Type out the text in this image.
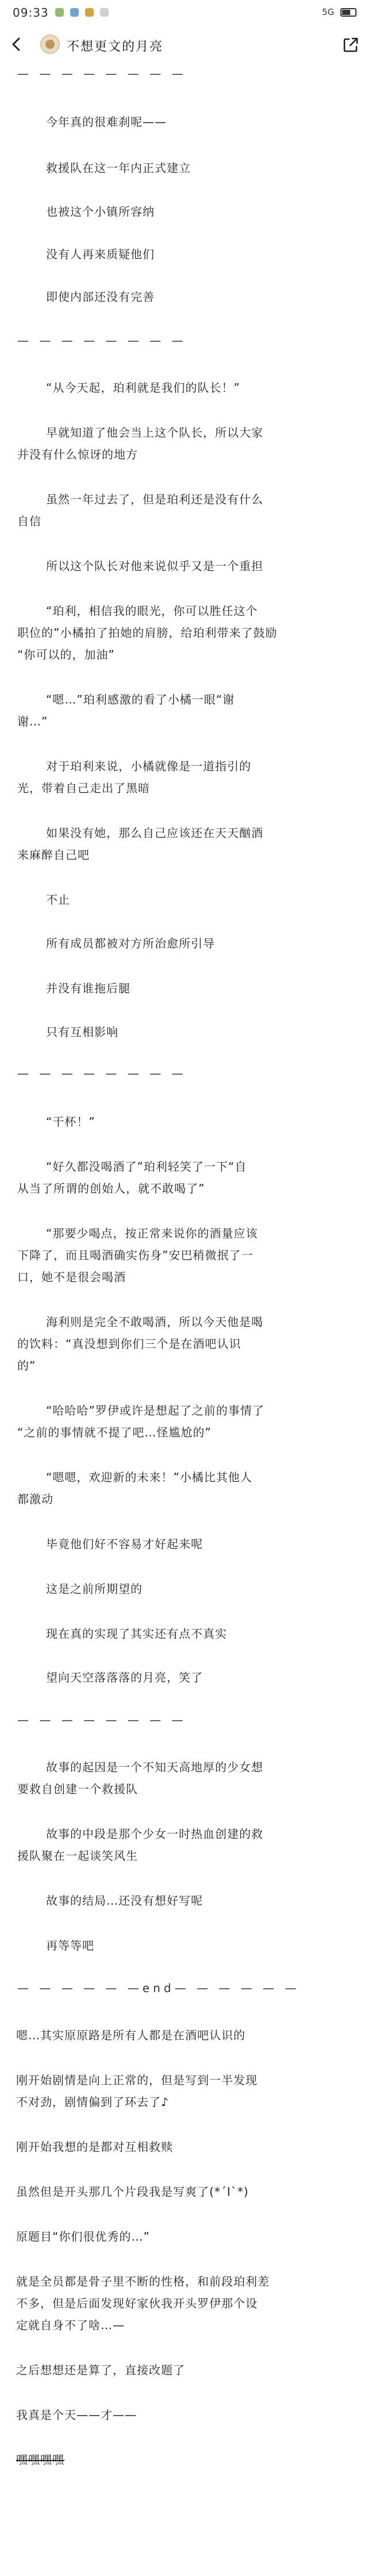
09:33
	5G
不想更文的月亮
— — — — — — — —
今年真的很难刹呢——
救援队在这一年内正式建立
也被这个小镇所容纳
没有人再来质疑他们
即使内部还没有完善
— — — — — — — —
“从今天起，珀利就是我们的队长！”
早就知道了他会当上这个队长，所以大家
并没有什么惊讶的地方
虽然一年过去了，但是珀利还是没有什么
自信
所以这个队长对他来说似乎又是一个重担
“珀利，相信我的眼光，你可以胜任这个
职位的”小橘拍了拍她的肩膀，给珀利带来了鼓励
“你可以的，加油”
“嗯…”珀利感激的看了小橘一眼“谢
谢…”
对于珀利来说，小橘就像是一道指引的
光，带着自己走出了黑暗
如果没有她，那么自己应该还在天天酗酒
来麻醉自己吧
不止
所有成员都被对方所治愈所引导
并没有谁拖后腿
只有互相影响
— — — — — — — —
“干杯！”
“好久都没喝酒了”珀利轻笑了一下“自
从当了所谓的创始人，就不敢喝了”
“那要少喝点，按正常来说你的酒量应该
下降了，而且喝酒确实伤身”安巴稍微抿了一
口，她不是很会喝酒
海利则是完全不敢喝酒，所以今天他是喝
的饮料：“真没想到你们三个是在酒吧认识
的”
“哈哈哈”罗伊或许是想起了之前的事情了
“之前的事情就不提了吧…怪尴尬的”
“嗯嗯，欢迎新的未来！”小橘比其他人
都激动
毕竟他们好不容易才好起来呢
这是之前所期望的
现在真的实现了其实还有点不真实
望向天空落落落的月亮，笑了
— — — — — — — —
故事的起因是一个不知天高地厚的少女想
要救自创建一个救援队
故事的中段是那个少女一时热血创建的救
援队聚在一起谈笑风生
故事的结局…还没有想好写呢
再等等吧
— — — — — —end— — — — — —
嗯…其实原原路是所有人都是在酒吧认识的
刚开始剧情是向上正常的，但是写到一半发现
不对劲，剧情偏到了环去了♪
刚开始我想的是都对互相救赎
虽然但是开头那几个片段我是写爽了(*´I`*)
原题目“你们很优秀的…”
就是全员都是骨子里不断的性格，和前段珀利差
不多，但是后面发现好家伙我开头罗伊那个设
定就自身不了啥…—
之后想想还是算了，直接改题了
我真是个天——才——
嘿嘿嘿嘿
